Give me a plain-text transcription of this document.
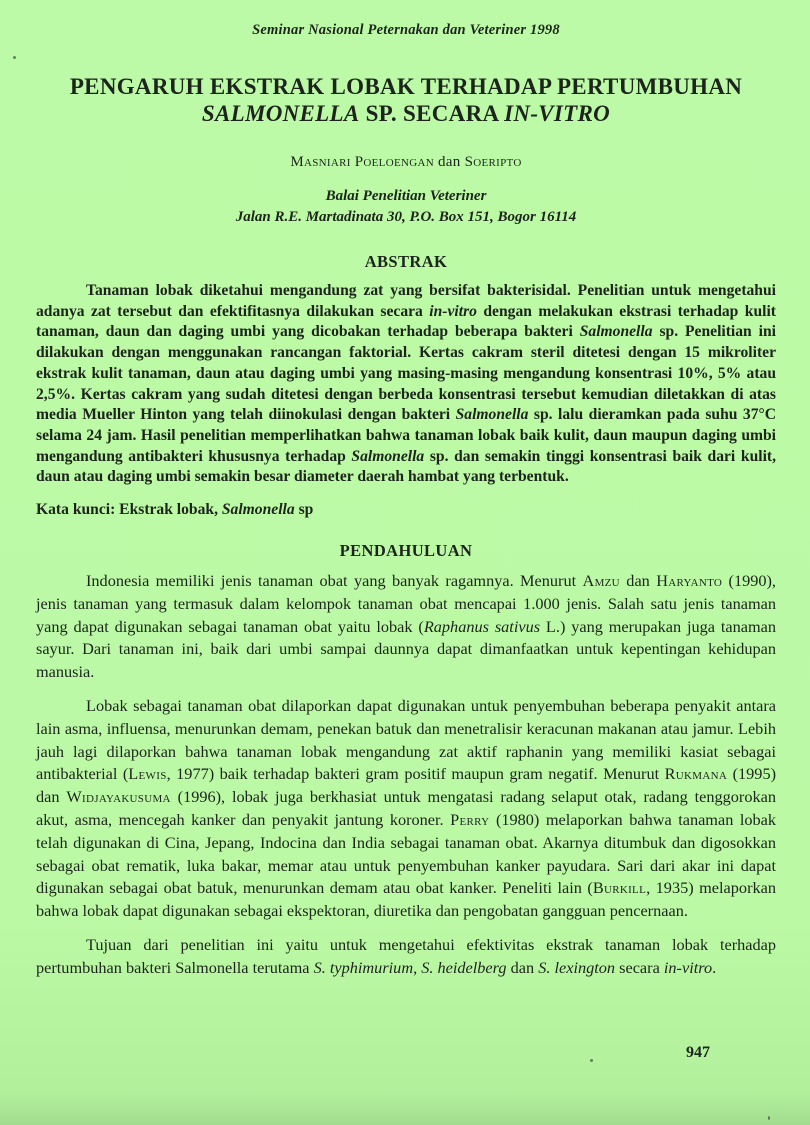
Seminar Nasional Peternakan dan Veteriner 1998
PENGARUH EKSTRAK LOBAK TERHADAP PERTUMBUHAN
SALMONELLA SP. SECARA IN-VITRO
Masniari Poeloengan dan Soeripto
Balai Penelitian Veteriner
Jalan R.E. Martadinata 30, P.O. Box 151, Bogor 16114
ABSTRAK

Tanaman lobak diketahui mengandung zat yang bersifat bakterisidal. Penelitian untuk mengetahui adanya zat tersebut dan efektifitasnya dilakukan secara in-vitro dengan melakukan ekstrasi terhadap kulit tanaman, daun dan daging umbi yang dicobakan terhadap beberapa bakteri Salmonella sp. Penelitian ini dilakukan dengan menggunakan rancangan faktorial. Kertas cakram steril ditetesi dengan 15 mikroliter ekstrak kulit tanaman, daun atau daging umbi yang masing-masing mengandung konsentrasi 10%, 5% atau 2,5%. Kertas cakram yang sudah ditetesi dengan berbeda konsentrasi tersebut kemudian diletakkan di atas media Mueller Hinton yang telah diinokulasi dengan bakteri Salmonella sp. lalu dieramkan pada suhu 37°C selama 24 jam. Hasil penelitian memperlihatkan bahwa tanaman lobak baik kulit, daun maupun daging umbi mengandung antibakteri khususnya terhadap Salmonella sp. dan semakin tinggi konsentrasi baik dari kulit, daun atau daging umbi semakin besar diameter daerah hambat yang terbentuk.

Kata kunci: Ekstrak lobak, Salmonella sp
PENDAHULUAN

Indonesia memiliki jenis tanaman obat yang banyak ragamnya. Menurut Amzu dan Haryanto (1990), jenis tanaman yang termasuk dalam kelompok tanaman obat mencapai 1.000 jenis. Salah satu jenis tanaman yang dapat digunakan sebagai tanaman obat yaitu lobak (Raphanus sativus L.) yang merupakan juga tanaman sayur. Dari tanaman ini, baik dari umbi sampai daunnya dapat dimanfaatkan untuk kepentingan kehidupan manusia.

Lobak sebagai tanaman obat dilaporkan dapat digunakan untuk penyembuhan beberapa penyakit antara lain asma, influensa, menurunkan demam, penekan batuk dan menetralisir keracunan makanan atau jamur. Lebih jauh lagi dilaporkan bahwa tanaman lobak mengandung zat aktif raphanin yang memiliki kasiat sebagai antibakterial (Lewis, 1977) baik terhadap bakteri gram positif maupun gram negatif. Menurut Rukmana (1995) dan Widjayakusuma (1996), lobak juga berkhasiat untuk mengatasi radang selaput otak, radang tenggorokan akut, asma, mencegah kanker dan penyakit jantung koroner. Perry (1980) melaporkan bahwa tanaman lobak telah digunakan di Cina, Jepang, Indocina dan India sebagai tanaman obat. Akarnya ditumbuk dan digosokkan sebagai obat rematik, luka bakar, memar atau untuk penyembuhan kanker payudara. Sari dari akar ini dapat digunakan sebagai obat batuk, menurunkan demam atau obat kanker. Peneliti lain (Burkill, 1935) melaporkan bahwa lobak dapat digunakan sebagai ekspektoran, diuretika dan pengobatan gangguan pencernaan.

Tujuan dari penelitian ini yaitu untuk mengetahui efektivitas ekstrak tanaman lobak terhadap pertumbuhan bakteri Salmonella terutama S. typhimurium, S. heidelberg dan S. lexington secara in-vitro.

947
